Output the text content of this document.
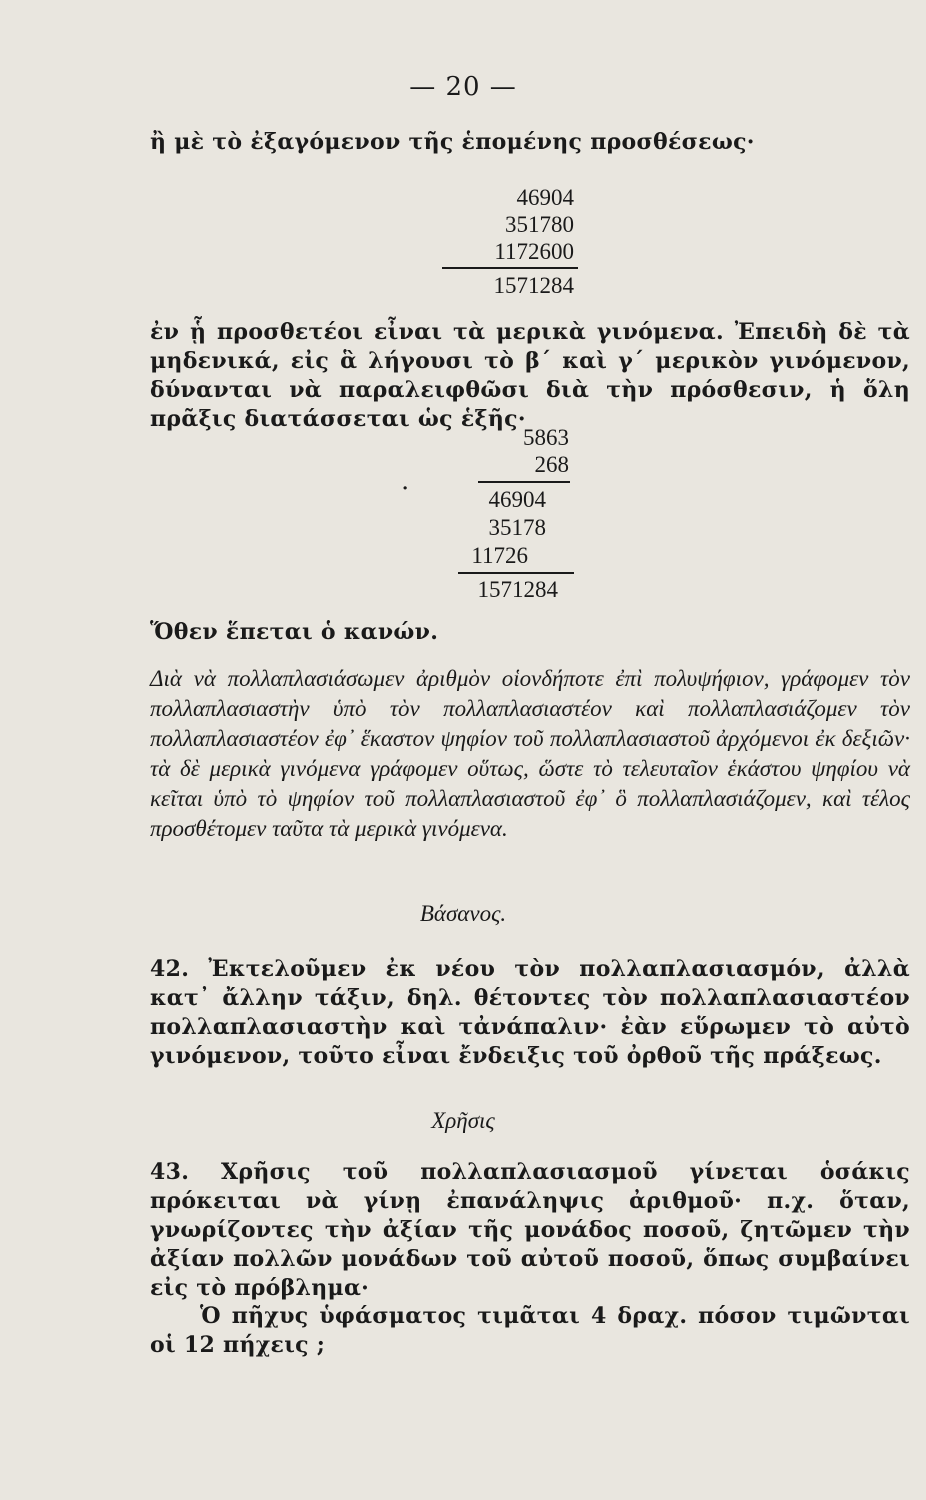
— 20 —

ἢ μὲ τὸ ἐξαγόμενον τῆς ἑπομένης προσθέσεως·

46904
351780
1172600
1571284

ἐν ᾗ προσθετέοι εἶναι τὰ μερικὰ γινόμενα. Ἐπειδὴ δὲ τὰ μηδενικά, εἰς ἃ λήγουσι τὸ β´ καὶ γ´ μερικὸν γινόμενον, δύνανται νὰ παραλειφθῶσι διὰ τὴν πρόσθεσιν, ἡ ὅλη πρᾶξις διατάσσεται ὡς ἑξῆς·

5863
268
·	46904
35178
11726
1571284

Ὅθεν ἕπεται ὁ κανών.

Διὰ νὰ πολλαπλασιάσωμεν ἀριθμὸν οἱονδήποτε ἐπὶ πολυψήφιον, γράφομεν τὸν πολλαπλασιαστὴν ὑπὸ τὸν πολλαπλασιαστέον καὶ πολλαπλασιάζομεν τὸν πολλαπλασιαστέον ἐφ᾽ ἕκαστον ψηφίον τοῦ πολλαπλασιαστοῦ ἀρχόμενοι ἐκ δεξιῶν· τὰ δὲ μερικὰ γινόμενα γράφομεν οὕτως, ὥστε τὸ τελευταῖον ἑκάστου ψηφίου νὰ κεῖται ὑπὸ τὸ ψηφίον τοῦ πολλαπλασιαστοῦ ἐφ᾽ ὃ πολλαπλασιάζομεν, καὶ τέλος προσθέτομεν ταῦτα τὰ μερικὰ γινόμενα.

Βάσανος.

42. Ἐκτελοῦμεν ἐκ νέου τὸν πολλαπλασιασμόν, ἀλλὰ κατ᾽ ἄλλην τάξιν, δηλ. θέτοντες τὸν πολλαπλασιαστέον πολλαπλασιαστὴν καὶ τἀνάπαλιν· ἐὰν εὕρωμεν τὸ αὐτὸ γινόμενον, τοῦτο εἶναι ἔνδειξις τοῦ ὀρθοῦ τῆς πράξεως.

Χρῆσις

43. Χρῆσις τοῦ πολλαπλασιασμοῦ γίνεται ὁσάκις πρόκειται νὰ γίνῃ ἐπανάληψις ἀριθμοῦ· π.χ. ὅταν, γνωρίζοντες τὴν ἀξίαν τῆς μονάδος ποσοῦ, ζητῶμεν τὴν ἀξίαν πολλῶν μονάδων τοῦ αὐτοῦ ποσοῦ, ὅπως συμβαίνει εἰς τὸ πρόβλημα·

Ὁ πῆχυς ὑφάσματος τιμᾶται 4 δραχ. πόσον τιμῶνται οἱ 12 πήχεις ;
